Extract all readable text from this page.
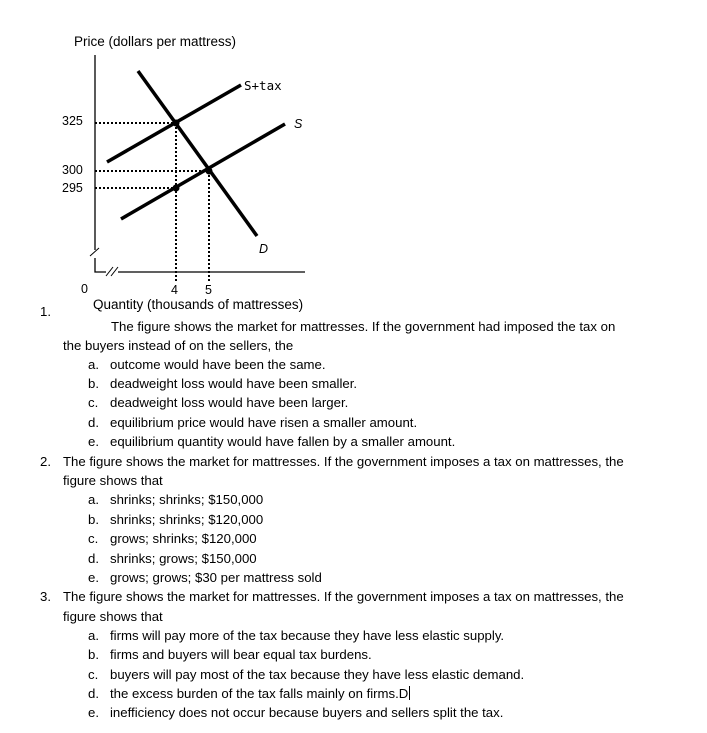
Price (dollars per mattress)
325
300
295
0	4 5
S+tax
S
D
Quantity (thousands of mattresses)
1.
The figure shows the market for mattresses. If the government had imposed the tax on
the buyers instead of on the sellers, the
a. outcome would have been the same.
b. deadweight loss would have been smaller.
c. deadweight loss would have been larger.
d. equilibrium price would have risen a smaller amount.
e. equilibrium quantity would have fallen by a smaller amount.
2. The figure shows the market for mattresses. If the government imposes a tax on mattresses, the
figure shows that
a. shrinks; shrinks; $150,000
b. shrinks; shrinks; $120,000
c. grows; shrinks; $120,000
d. shrinks; grows; $150,000
e. grows; grows; $30 per mattress sold
3. The figure shows the market for mattresses. If the government imposes a tax on mattresses, the
figure shows that
a. firms will pay more of the tax because they have less elastic supply.
b. firms and buyers will bear equal tax burdens.
c. buyers will pay most of the tax because they have less elastic demand.
d. the excess burden of the tax falls mainly on firms.D
e. inefficiency does not occur because buyers and sellers split the tax.
